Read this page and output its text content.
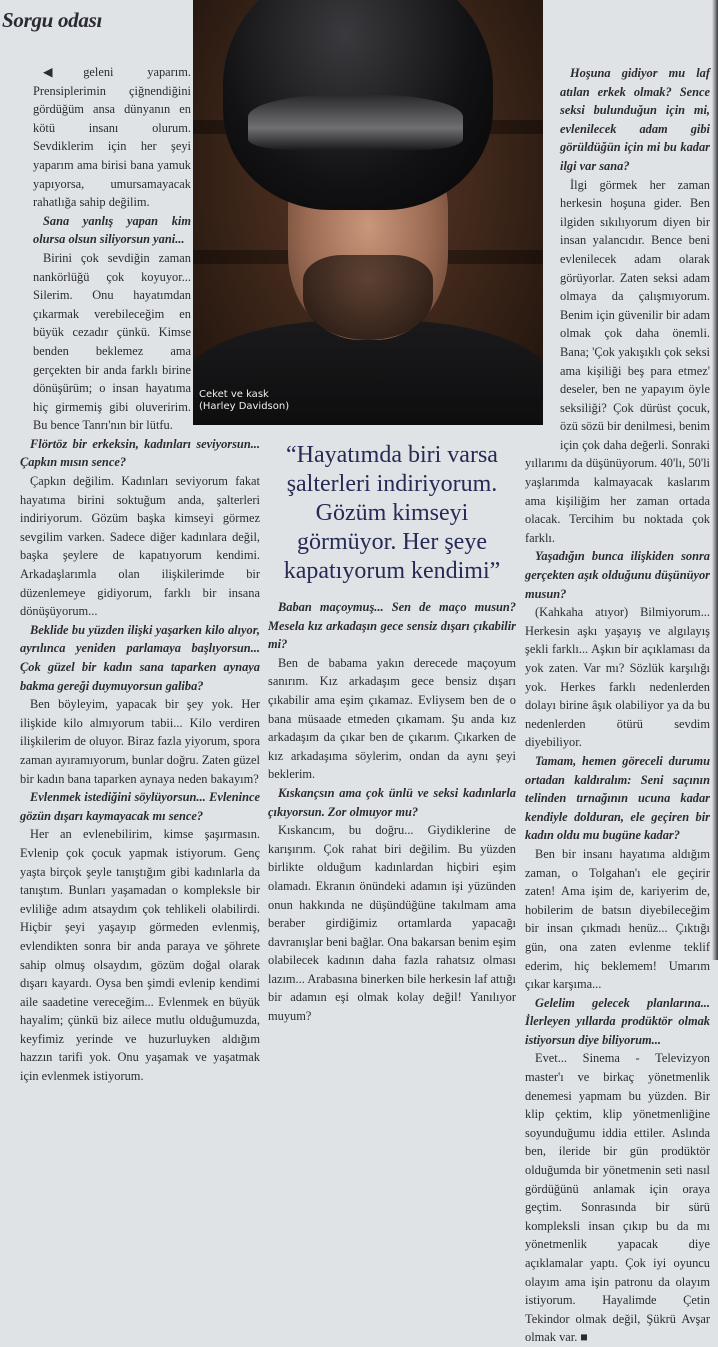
Sorgu odası
Ceket ve kask (Harley Davidson)

◀geleni yaparım. Prensiplerimin çiğnendiğini gördüğüm ansa dünyanın en kötü insanı olurum. Sevdiklerim için her şeyi yaparım ama birisi bana yamuk yapıyorsa, umursamayacak rahatlığa sahip değilim.

Sana yanlış yapan kim olursa olsun siliyorsun yani...

Birini çok sevdiğin zaman nankörlüğü çok koyuyor... Silerim. Onu hayatımdan çıkarmak verebileceğim en büyük cezadır çünkü. Kimse benden beklemez ama gerçekten bir anda farklı birine dönüşürüm; o insan hayatıma hiç girmemiş gibi oluveririm. Bu bence Tanrı'nın bir lütfu.

Flörtöz bir erkeksin, kadınları seviyorsun... Çapkın mısın sence?

Çapkın değilim. Kadınları seviyorum fakat hayatıma birini soktuğum anda, şalterleri indiriyorum. Gözüm başka kimseyi görmez sevgilim varken. Sadece diğer kadınlara değil, başka şeylere de kapatıyorum kendimi. Arkadaşlarımla olan ilişkilerimde bir düzenlemeye gidiyorum, farklı bir insana dönüşüyorum...

Beklide bu yüzden ilişki yaşarken kilo alıyor, ayrılınca yeniden parlamaya başlıyorsun... Çok güzel bir kadın sana taparken aynaya bakma gereği duymuyorsun galiba?

Ben böyleyim, yapacak bir şey yok. Her ilişkide kilo almıyorum tabii... Kilo verdiren ilişkilerim de oluyor. Biraz fazla yiyorum, spora zaman ayıramıyorum, bunlar doğru. Zaten güzel bir kadın bana taparken aynaya neden bakayım?

Evlenmek istediğini söylüyorsun... Evlenince gözün dışarı kaymayacak mı sence?

Her an evlenebilirim, kimse şaşırmasın. Evlenip çok çocuk yapmak istiyorum. Genç yaşta birçok şeyle tanıştığım gibi kadınlarla da tanıştım. Bunları yaşamadan o kompleksle bir evliliğe adım atsaydım çok tehlikeli olabilirdi. Hiçbir şeyi yaşayıp görmeden evlenmiş, evlendikten sonra bir anda paraya ve şöhrete sahip olmuş olsaydım, gözüm doğal olarak dışarı kayardı. Oysa ben şimdi evlenip kendimi aile saadetine vereceğim... Evlenmek en büyük hayalim; çünkü biz ailece mutlu olduğumuzda, keyfimiz yerinde ve huzurluyken aldığım hazzın tarifi yok. Onu yaşamak ve yaşatmak için evlenmek istiyorum.

“Hayatımda biri varsa şalterleri indiriyorum. Gözüm kimseyi görmüyor. Her şeye kapatıyorum kendimi”

Baban maçoymuş... Sen de maço musun? Mesela kız arkadaşın gece sensiz dışarı çıkabilir mi?

Ben de babama yakın derecede maçoyum sanırım. Kız arkadaşım gece bensiz dışarı çıkabilir ama eşim çıkamaz. Evliysem ben de o bana müsaade etmeden çıkamam. Şu anda kız arkadaşım da çıkar ben de çıkarım. Çıkarken de kız arkadaşıma söylerim, ondan da aynı şeyi beklerim.

Kıskançsın ama çok ünlü ve seksi kadınlarla çıkıyorsun. Zor olmuyor mu?

Kıskancım, bu doğru... Giydiklerine de karışırım. Çok rahat biri değilim. Bu yüzden birlikte olduğum kadınlardan hiçbiri eşim olamadı. Ekranın önündeki adamın işi yüzünden onun hakkında ne düşündüğüne takılmam ama beraber girdiğimiz ortamlarda yapacağı davranışlar beni bağlar. Ona bakarsan benim eşim olabilecek kadının daha fazla rahatsız olması lazım... Arabasına binerken bile herkesin laf attığı bir adamın eşi olmak kolay değil! Yanılıyor muyum?

Hoşuna gidiyor mu laf atılan erkek olmak? Sence seksi bulunduğun için mi, evlenilecek adam gibi görüldüğün için mi bu kadar ilgi var sana?

İlgi görmek her zaman herkesin hoşuna gider. Ben ilgiden sıkılıyorum diyen bir insan yalancıdır. Bence beni evlenilecek adam olarak görüyorlar. Zaten seksi adam olmaya da çalışmıyorum. Benim için güvenilir bir adam olmak çok daha önemli. Bana; 'Çok yakışıklı çok seksi ama kişiliği beş para etmez' deseler, ben ne yapayım öyle seksiliği? Çok dürüst çocuk, özü sözü bir denilmesi, benim için çok daha değerli. Sonraki yıllarımı da düşünüyorum. 40'lı, 50'li yaşlarımda kalmayacak kaslarım ama kişiliğim her zaman ortada olacak. Tercihim bu noktada çok farklı.

Yaşadığın bunca ilişkiden sonra gerçekten aşık olduğunu düşünüyor musun?

(Kahkaha atıyor) Bilmiyorum... Herkesin aşkı yaşayış ve algılayış şekli farklı... Aşkın bir açıklaması da yok zaten. Var mı? Sözlük karşılığı yok. Herkes farklı nedenlerden dolayı birine âşık olabiliyor ya da bu nedenlerden ötürü sevdim diyebiliyor.

Tamam, hemen göreceli durumu ortadan kaldıralım: Seni saçının telinden tırnağının ucuna kadar kendiyle dolduran, ele geçiren bir kadın oldu mu bugüne kadar?

Ben bir insanı hayatıma aldığım zaman, o Tolgahan'ı ele geçirir zaten! Ama işim de, kariyerim de, hobilerim de batsın diyebileceğim bir insan çıkmadı henüz... Çıktığı gün, ona zaten evlenme teklif ederim, hiç beklemem! Umarım çıkar karşıma...

Gelelim gelecek planlarına... İlerleyen yıllarda prodüktör olmak istiyorsun diye biliyorum...

Evet... Sinema - Televizyon master'ı ve birkaç yönetmenlik denemesi yapmam bu yüzden. Bir klip çektim, klip yönetmenliğine soyunduğumu iddia ettiler. Aslında ben, ileride bir gün prodüktör olduğumda bir yönetmenin seti nasıl gördüğünü anlamak için oraya geçtim. Sonrasında bir sürü kompleksli insan çıkıp bu da mı yönetmenlik yapacak diye açıklamalar yaptı. Çok iyi oyuncu olayım ama işin patronu da olayım istiyorum. Hayalimde Çetin Tekindor olmak değil, Şükrü Avşar olmak var. ■
